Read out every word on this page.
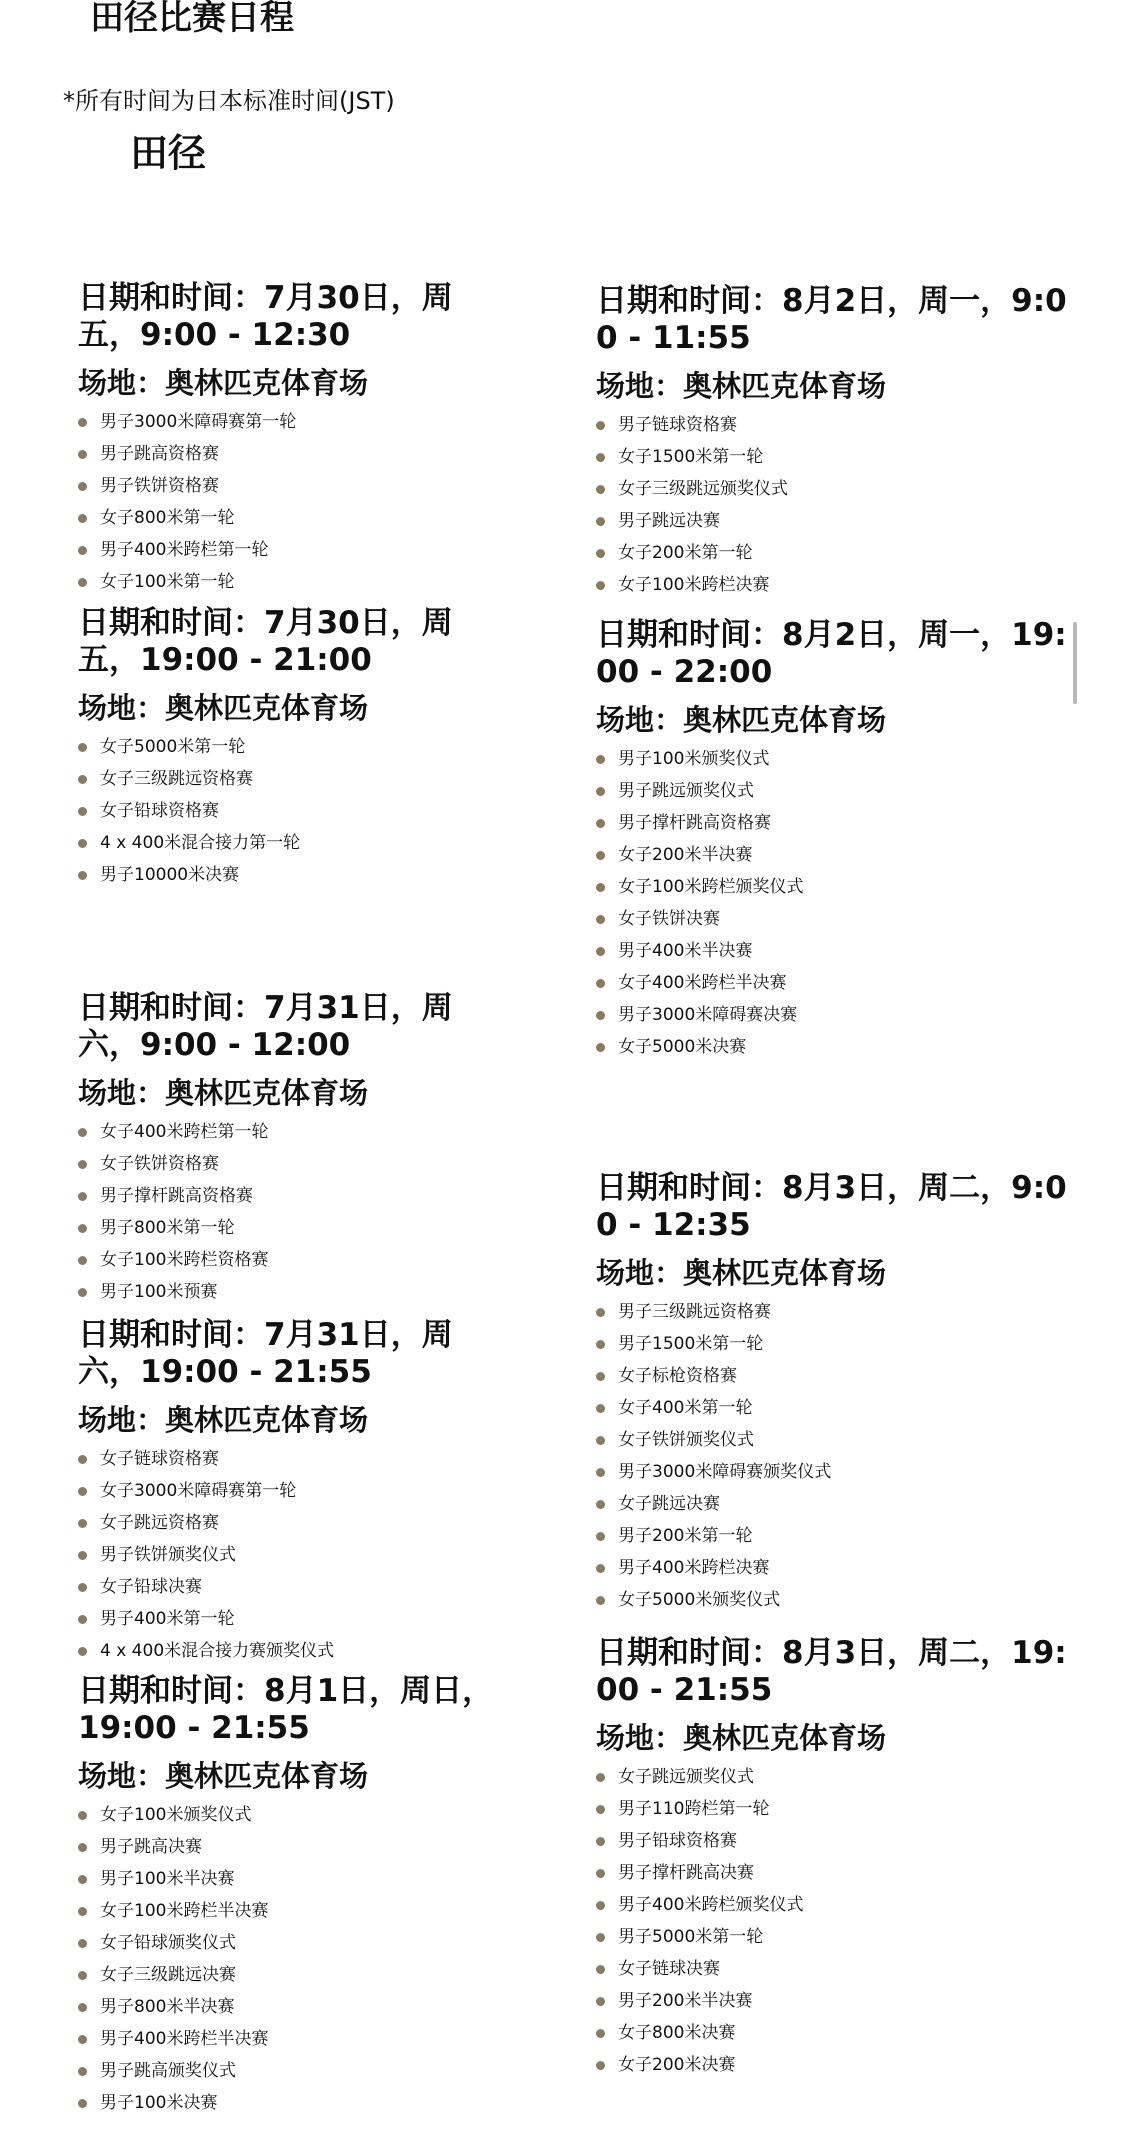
田径比赛日程
*所有时间为日本标准时间(JST)
田径

日期和时间：7月30日，周五，9:00 - 12:30

场地：奥林匹克体育场
男子3000米障碍赛第一轮
男子跳高资格赛
男子铁饼资格赛
女子800米第一轮
男子400米跨栏第一轮
女子100米第一轮

日期和时间：7月30日，周五，19:00 - 21:00

场地：奥林匹克体育场
女子5000米第一轮
女子三级跳远资格赛
女子铅球资格赛
4 x 400米混合接力第一轮
男子10000米决赛

日期和时间：7月31日，周六，9:00 - 12:00

场地：奥林匹克体育场
女子400米跨栏第一轮
女子铁饼资格赛
男子撑杆跳高资格赛
男子800米第一轮
女子100米跨栏资格赛
男子100米预赛

日期和时间：7月31日，周六，19:00 - 21:55

场地：奥林匹克体育场
女子链球资格赛
女子3000米障碍赛第一轮
女子跳远资格赛
男子铁饼颁奖仪式
女子铅球决赛
男子400米第一轮
4 x 400米混合接力赛颁奖仪式

日期和时间：8月1日，周日，19:00 - 21:55

场地：奥林匹克体育场
女子100米颁奖仪式
男子跳高决赛
男子100米半决赛
女子100米跨栏半决赛
女子铅球颁奖仪式
女子三级跳远决赛
男子800米半决赛
男子400米跨栏半决赛
男子跳高颁奖仪式
男子100米决赛

日期和时间：8月2日，周一，9:00 - 11:55

场地：奥林匹克体育场
男子链球资格赛
女子1500米第一轮
女子三级跳远颁奖仪式
男子跳远决赛
女子200米第一轮
女子100米跨栏决赛

日期和时间：8月2日，周一，19:00 - 22:00

场地：奥林匹克体育场
男子100米颁奖仪式
男子跳远颁奖仪式
男子撑杆跳高资格赛
女子200米半决赛
女子100米跨栏颁奖仪式
女子铁饼决赛
男子400米半决赛
女子400米跨栏半决赛
男子3000米障碍赛决赛
女子5000米决赛

日期和时间：8月3日，周二，9:00 - 12:35

场地：奥林匹克体育场
男子三级跳远资格赛
男子1500米第一轮
女子标枪资格赛
女子400米第一轮
女子铁饼颁奖仪式
男子3000米障碍赛颁奖仪式
女子跳远决赛
男子200米第一轮
男子400米跨栏决赛
女子5000米颁奖仪式

日期和时间：8月3日，周二，19:00 - 21:55

场地：奥林匹克体育场
女子跳远颁奖仪式
男子110跨栏第一轮
男子铅球资格赛
男子撑杆跳高决赛
男子400米跨栏颁奖仪式
男子5000米第一轮
女子链球决赛
男子200米半决赛
女子800米决赛
女子200米决赛
